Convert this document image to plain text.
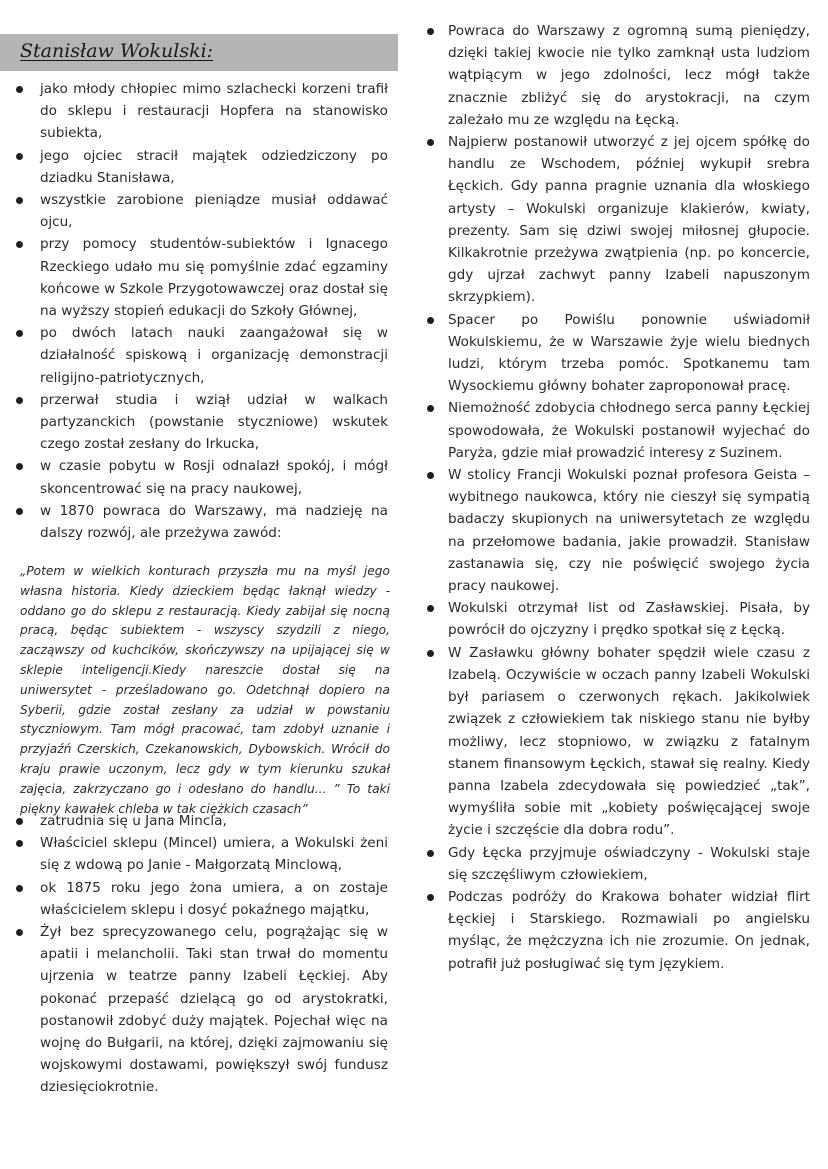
Stanisław Wokulski:
jako młody chłopiec mimo szlachecki korzeni trafił do sklepu i restauracji Hopfera na stanowisko subiekta,
jego ojciec stracił majątek odziedziczony po dziadku Stanisława,
wszystkie zarobione pieniądze musiał oddawać ojcu,
przy pomocy studentów-subiektów i Ignacego Rzeckiego udało mu się pomyślnie zdać egzaminy końcowe w Szkole Przygotowawczej oraz dostał się na wyższy stopień edukacji do Szkoły Głównej,
po dwóch latach nauki zaangażował się w działalność spiskową i organizację demonstracji religijno-patriotycznych,
przerwał studia i wziął udział w walkach partyzanckich (powstanie styczniowe) wskutek czego został zesłany do Irkucka,
w czasie pobytu w Rosji odnalazł spokój, i mógł skoncentrować się na pracy naukowej,
w 1870 powraca do Warszawy, ma nadzieję na dalszy rozwój, ale przeżywa zawód:

„Potem w wielkich konturach przyszła mu na myśl jego własna historia. Kiedy dzieckiem będąc łaknął wiedzy - oddano go do sklepu z restauracją. Kiedy zabijał się nocną pracą, będąc subiektem - wszyscy szydzili z niego, zacząwszy od kuchcików, skończywszy na upijającej się w sklepie inteligencji.Kiedy nareszcie dostał się na uniwersytet - prześladowano go. Odetchnął dopiero na Syberii, gdzie został zesłany za udział w powstaniu styczniowym. Tam mógł pracować, tam zdobył uznanie i przyjaźń Czerskich, Czekanowskich, Dybowskich. Wrócił do kraju prawie uczonym, lecz gdy w tym kierunku szukał zajęcia, zakrzyczano go i odesłano do handlu... ” To taki piękny kawałek chleba w tak ciężkich czasach”

zatrudnia się u Jana Mincla,
Właściciel sklepu (Mincel) umiera, a Wokulski żeni się z wdową po Janie - Małgorzatą Minclową,
ok 1875 roku jego żona umiera, a on zostaje właścicielem sklepu i dosyć pokaźnego majątku,
Żył bez sprecyzowanego celu, pogrążając się w apatii i melancholii. Taki stan trwał do momentu ujrzenia w teatrze panny Izabeli Łęckiej. Aby pokonać przepaść dzielącą go od arystokratki, postanowił zdobyć duży majątek. Pojechał więc na wojnę do Bułgarii, na której, dzięki zajmowaniu się wojskowymi dostawami, powiększył swój fundusz dziesięciokrotnie.
Powraca do Warszawy z ogromną sumą pieniędzy, dzięki takiej kwocie nie tylko zamknął usta ludziom wątpiącym w jego zdolności, lecz mógł także znacznie zbliżyć się do arystokracji, na czym zależało mu ze względu na Łęcką.
Najpierw postanowił utworzyć z jej ojcem spółkę do handlu ze Wschodem, później wykupił srebra Łęckich. Gdy panna pragnie uznania dla włoskiego artysty – Wokulski organizuje klakierów, kwiaty, prezenty. Sam się dziwi swojej miłosnej głupocie. Kilkakrotnie przeżywa zwątpienia (np. po koncercie, gdy ujrzał zachwyt panny Izabeli napuszonym skrzypkiem).
Spacer po Powiślu ponownie uświadomił Wokulskiemu, że w Warszawie żyje wielu biednych ludzi, którym trzeba pomóc. Spotkanemu tam Wysockiemu główny bohater zaproponował pracę.
Niemożność zdobycia chłodnego serca panny Łęckiej spowodowała, że Wokulski postanowił wyjechać do Paryża, gdzie miał prowadzić interesy z Suzinem.
W stolicy Francji Wokulski poznał profesora Geista – wybitnego naukowca, który nie cieszył się sympatią badaczy skupionych na uniwersytetach ze względu na przełomowe badania, jakie prowadził. Stanisław zastanawia się, czy nie poświęcić swojego życia pracy naukowej.
Wokulski otrzymał list od Zasławskiej. Pisała, by powrócił do ojczyzny i prędko spotkał się z Łęcką.
W Zasławku główny bohater spędził wiele czasu z Izabelą. Oczywiście w oczach panny Izabeli Wokulski był pariasem o czerwonych rękach. Jakikolwiek związek z człowiekiem tak niskiego stanu nie byłby możliwy, lecz stopniowo, w związku z fatalnym stanem finansowym Łęckich, stawał się realny. Kiedy panna Izabela zdecydowała się powiedzieć „tak”, wymyśliła sobie mit „kobiety poświęcającej swoje życie i szczęście dla dobra rodu”.
Gdy Łęcka przyjmuje oświadczyny - Wokulski staje się szczęśliwym człowiekiem,
Podczas podróży do Krakowa bohater widział flirt Łęckiej i Starskiego. Rozmawiali po angielsku myśląc, że mężczyzna ich nie zrozumie. On jednak, potrafił już posługiwać się tym językiem.
